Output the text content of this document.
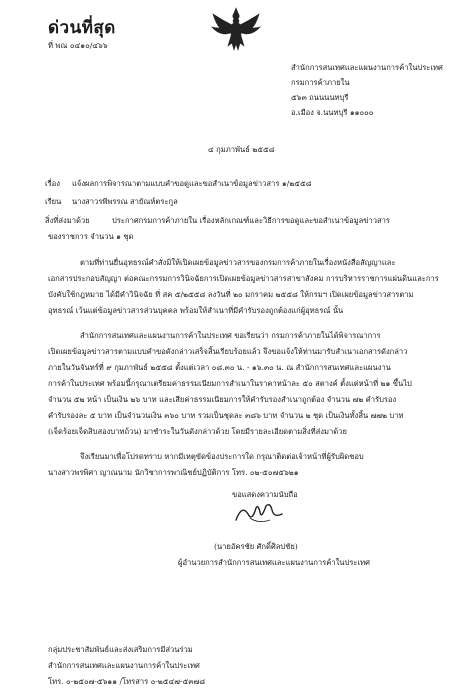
ด่วนที่สุด
ที่ พณ ๐๔๑๐/๔๖๖
สำนักการสนเทศและแผนงานการค้าในประเทศ
กรมการค้าภายใน
๕๖๓ ถนนนนทบุรี
อ.เมือง จ.นนทบุรี ๑๑๐๐๐
๔ กุมภาพันธ์ ๒๕๕๘
เรื่อง แจ้งผลการพิจารณาตามแบบคำขอดูและขอสำเนาข้อมูลข่าวสาร ๑/๒๕๕๘
เรียน นางสาวรพีพรรณ สายัณห์ตระกูล
สิ่งที่ส่งมาด้วย	ประกาศกรมการค้าภายใน เรื่องหลักเกณฑ์และวิธีการขอดูและขอสำเนาข้อมูลข่าวสาร
ของราชการ จำนวน ๑ ชุด
ตามที่ท่านยื่นอุทธรณ์คำสั่งมิให้เปิดเผยข้อมูลข่าวสารของกรมการค้าภายในเรื่องหนังสือสัญญาและ
เอกสารประกอบสัญญา ต่อคณะกรรมการวินิจฉัยการเปิดเผยข้อมูลข่าวสารสาขาสังคม การบริหารราชการแผ่นดินและการ
บังคับใช้กฎหมาย ได้มีคำวินิจฉัย ที่ สค ๕/๒๕๕๘ ลงวันที่ ๒๐ มกราคม ๒๕๕๘ ให้กรมฯ เปิดเผยข้อมูลข่าวสารตาม
อุทธรณ์ เว้นแต่ข้อมูลข่าวสารส่วนบุคคล พร้อมให้สำเนาที่มีคำรับรองถูกต้องแก่ผู้อุทธรณ์ นั้น
สำนักการสนเทศและแผนงานการค้าในประเทศ ขอเรียนว่า กรมการค้าภายในได้พิจารณาการ
เปิดเผยข้อมูลข่าวสารตามแบบคำขอดังกล่าวเสร็จสิ้นเรียบร้อยแล้ว จึงขอแจ้งให้ท่านมารับสำเนาเอกสารดังกล่าว
ภายในวันจันทร์ที่ ๙ กุมภาพันธ์ ๒๕๕๘ ตั้งแต่เวลา ๐๘.๓๐ น. - ๑๖.๓๐ น. ณ สำนักการสนเทศและแผนงาน
การค้าในประเทศ พร้อมนี้กรุณาเตรียมค่าธรรมเนียมการสำเนาในราคาหน้าละ ๕๐ สตางค์ ตั้งแต่หน้าที่ ๒๑ ขึ้นไป
จำนวน ๕๒ หน้า เป็นเงิน ๒๖ บาท และเสียค่าธรรมเนียมการให้คำรับรองสำเนาถูกต้อง จำนวน ๗๒ คำรับรอง
คำรับรองละ ๕ บาท เป็นจำนวนเงิน ๓๖๐ บาท รวมเป็นชุดละ ๓๘๖ บาท จำนวน ๒ ชุด เป็นเงินทั้งสิ้น ๗๗๒ บาท
(เจ็ดร้อยเจ็ดสิบสองบาทถ้วน) มาชำระในวันดังกล่าวด้วย โดยมีรายละเอียดตามสิ่งที่ส่งมาด้วย
จึงเรียนมาเพื่อโปรดทราบ หากมีเหตุขัดข้องประการใด กรุณาติดต่อเจ้าหน้าที่ผู้รับผิดชอบ
นางสาวพรพิศา ญาณนาม นักวิชาการพาณิชย์ปฏิบัติการ โทร. ๐๒-๕๐๗๕๖๒๑
ขอแสดงความนับถือ
(นายอัครชัย ศักดิ์ศิลปชัย)
ผู้อำนวยการสำนักการสนเทศและแผนงานการค้าในประเทศ
กลุ่มประชาสัมพันธ์และส่งเสริมการมีส่วนร่วม
สำนักการสนเทศและแผนงานการค้าในประเทศ
โทร. ๐-๒๕๐๗-๕๖๑๑ /โทรสาร ๐-๒๕๔๗-๕๓๗๘
